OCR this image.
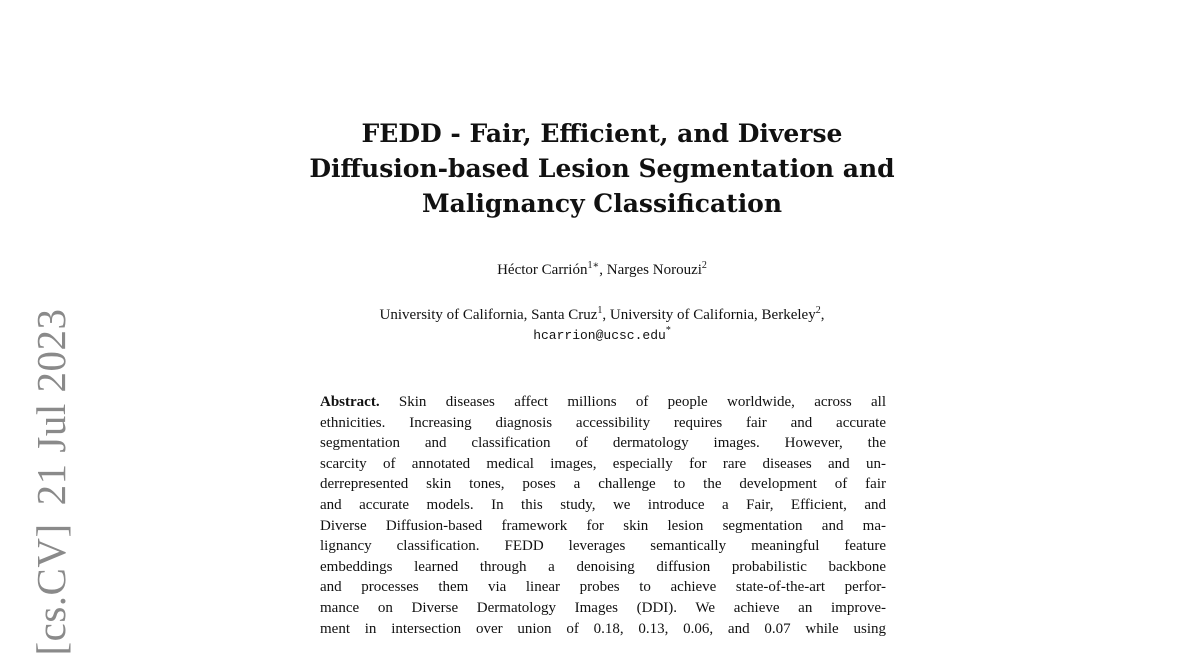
[cs.CV]21 Jul 2023
FEDD - Fair, Efficient, and Diverse
Diffusion-based Lesion Segmentation and
Malignancy Classification
Héctor Carrión$^{1∗}$, Narges Norouzi$^2$
University of California, Santa Cruz$^1$, University of California, Berkeley$^2$,
hcarrion@ucsc.edu*
Abstract. Skin diseases affect millions of people worldwide, across all
ethnicities. Increasing diagnosis accessibility requires fair and accurate
segmentation and classification of dermatology images. However, the
scarcity of annotated medical images, especially for rare diseases and un-
derrepresented skin tones, poses a challenge to the development of fair
and accurate models. In this study, we introduce a Fair, Efficient, and
Diverse Diffusion-based framework for skin lesion segmentation and ma-
lignancy classification. FEDD leverages semantically meaningful feature
embeddings learned through a denoising diffusion probabilistic backbone
and processes them via linear probes to achieve state-of-the-art perfor-
mance on Diverse Dermatology Images (DDI). We achieve an improve-
ment in intersection over union of 0.18, 0.13, 0.06, and 0.07 while using
